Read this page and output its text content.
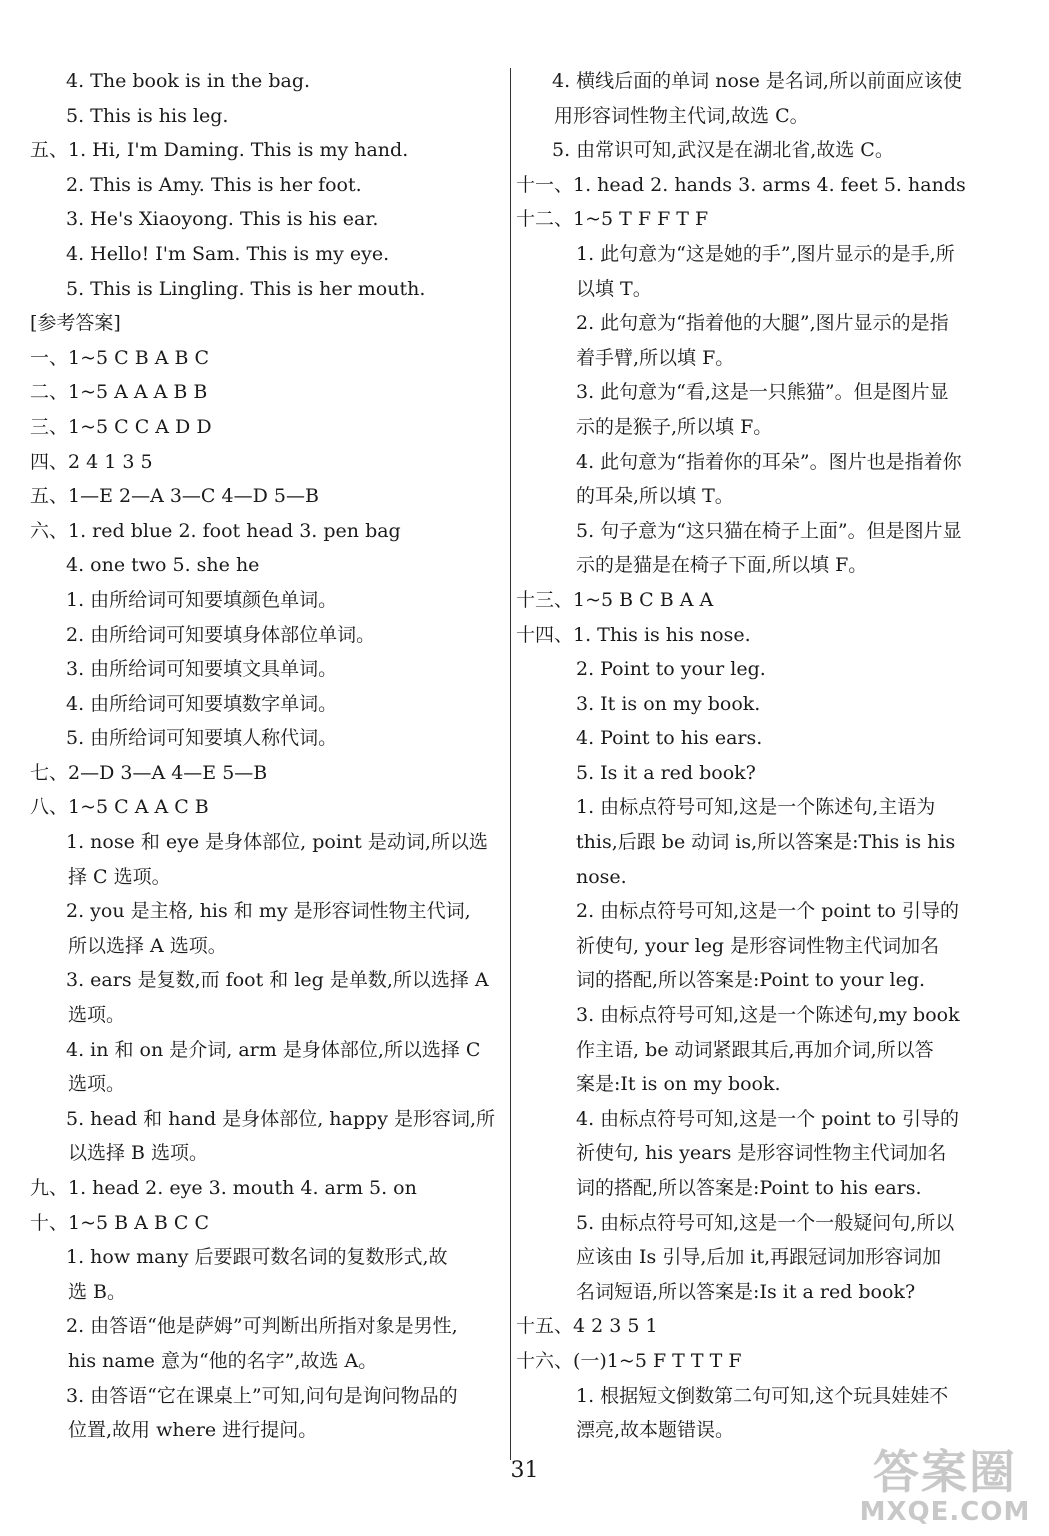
4. The book is in the bag.
5. This is his leg.
五、1. Hi, I'm Daming. This is my hand.
2. This is Amy. This is her foot.
3. He's Xiaoyong. This is his ear.
4. Hello! I'm Sam. This is my eye.
5. This is Lingling. This is her mouth.
[参考答案]
一、1~5 C B A B C
二、1~5 A A A B B
三、1~5 C C A D D
四、2 4 1 3 5
五、1—E 2—A 3—C 4—D 5—B
六、1. red blue 2. foot head 3. pen bag
4. one two 5. she he
1. 由所给词可知要填颜色单词。
2. 由所给词可知要填身体部位单词。
3. 由所给词可知要填文具单词。
4. 由所给词可知要填数字单词。
5. 由所给词可知要填人称代词。
七、2—D 3—A 4—E 5—B
八、1~5 C A A C B
1. nose 和 eye 是身体部位, point 是动词,所以选
择 C 选项。
2. you 是主格, his 和 my 是形容词性物主代词,
所以选择 A 选项。
3. ears 是复数,而 foot 和 leg 是单数,所以选择 A
选项。
4. in 和 on 是介词, arm 是身体部位,所以选择 C
选项。
5. head 和 hand 是身体部位, happy 是形容词,所
以选择 B 选项。
九、1. head 2. eye 3. mouth 4. arm 5. on
十、1~5 B A B C C
1. how many 后要跟可数名词的复数形式,故
选 B。
2. 由答语“他是萨姆”可判断出所指对象是男性,
his name 意为“他的名字”,故选 A。
3. 由答语“它在课桌上”可知,问句是询问物品的
位置,故用 where 进行提问。
4. 横线后面的单词 nose 是名词,所以前面应该使
用形容词性物主代词,故选 C。
5. 由常识可知,武汉是在湖北省,故选 C。
十一、1. head 2. hands 3. arms 4. feet 5. hands
十二、1~5 T F F T F
1. 此句意为“这是她的手”,图片显示的是手,所
以填 T。
2. 此句意为“指着他的大腿”,图片显示的是指
着手臂,所以填 F。
3. 此句意为“看,这是一只熊猫”。但是图片显
示的是猴子,所以填 F。
4. 此句意为“指着你的耳朵”。图片也是指着你
的耳朵,所以填 T。
5. 句子意为“这只猫在椅子上面”。但是图片显
示的是猫是在椅子下面,所以填 F。
十三、1~5 B C B A A
十四、1. This is his nose.
2. Point to your leg.
3. It is on my book.
4. Point to his ears.
5. Is it a red book?
1. 由标点符号可知,这是一个陈述句,主语为
this,后跟 be 动词 is,所以答案是:This is his
nose.
2. 由标点符号可知,这是一个 point to 引导的
祈使句, your leg 是形容词性物主代词加名
词的搭配,所以答案是:Point to your leg.
3. 由标点符号可知,这是一个陈述句,my book
作主语, be 动词紧跟其后,再加介词,所以答
案是:It is on my book.
4. 由标点符号可知,这是一个 point to 引导的
祈使句, his years 是形容词性物主代词加名
词的搭配,所以答案是:Point to his ears.
5. 由标点符号可知,这是一个一般疑问句,所以
应该由 Is 引导,后加 it,再跟冠词加形容词加
名词短语,所以答案是:Is it a red book?
十五、4 2 3 5 1
十六、(一)1~5 F T T T F
1. 根据短文倒数第二句可知,这个玩具娃娃不
漂亮,故本题错误。
31	答案圈
MXQE.COM
